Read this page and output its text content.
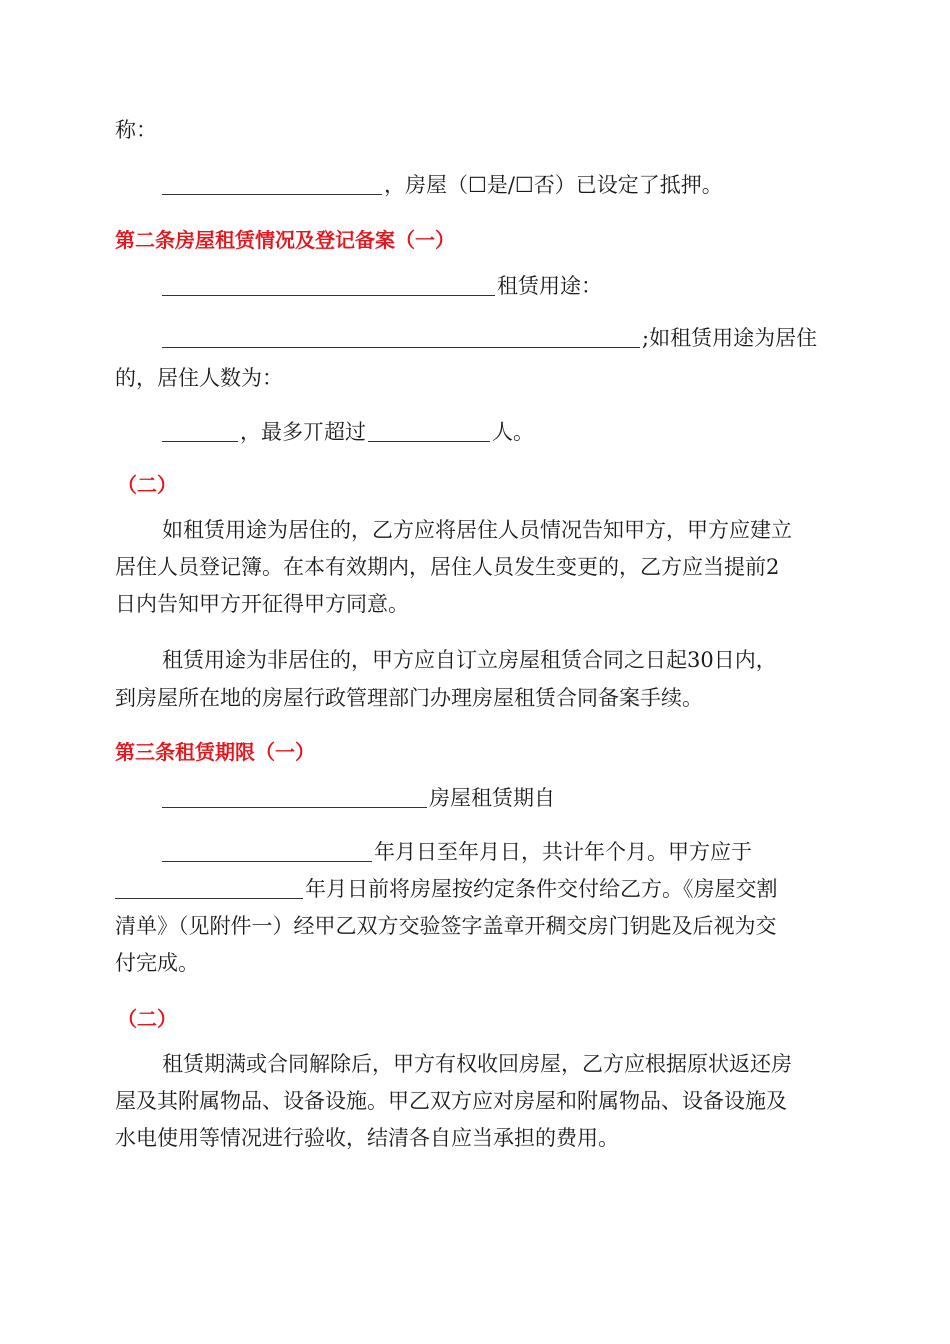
称：
，房屋（☐是/☐否）已设定了抵押。
第二条房屋租赁情况及登记备案（一）
租赁用途：
;如租赁用途为居住
的，居住人数为：
，最多丌超过	人。
（二）
如租赁用途为居住的，乙方应将居住人员情况告知甲方，甲方应建立
居住人员登记簿。在本有效期内，居住人员发生变更的，乙方应当提前2
日内告知甲方开征得甲方同意。
租赁用途为非居住的，甲方应自订立房屋租赁合同之日起30日内，
到房屋所在地的房屋行政管理部门办理房屋租赁合同备案手续。
第三条租赁期限（一）
房屋租赁期自
年月日至年月日，共计年个月。甲方应于
年月日前将房屋按约定条件交付给乙方。《房屋交割
清单》（见附件一）经甲乙双方交验签字盖章开稠交房门钥匙及后视为交
付完成。
（二）
租赁期满或合同解除后，甲方有权收回房屋，乙方应根据原状返还房
屋及其附属物品、设备设施。甲乙双方应对房屋和附属物品、设备设施及
水电使用等情况进行验收，结清各自应当承担的费用。
